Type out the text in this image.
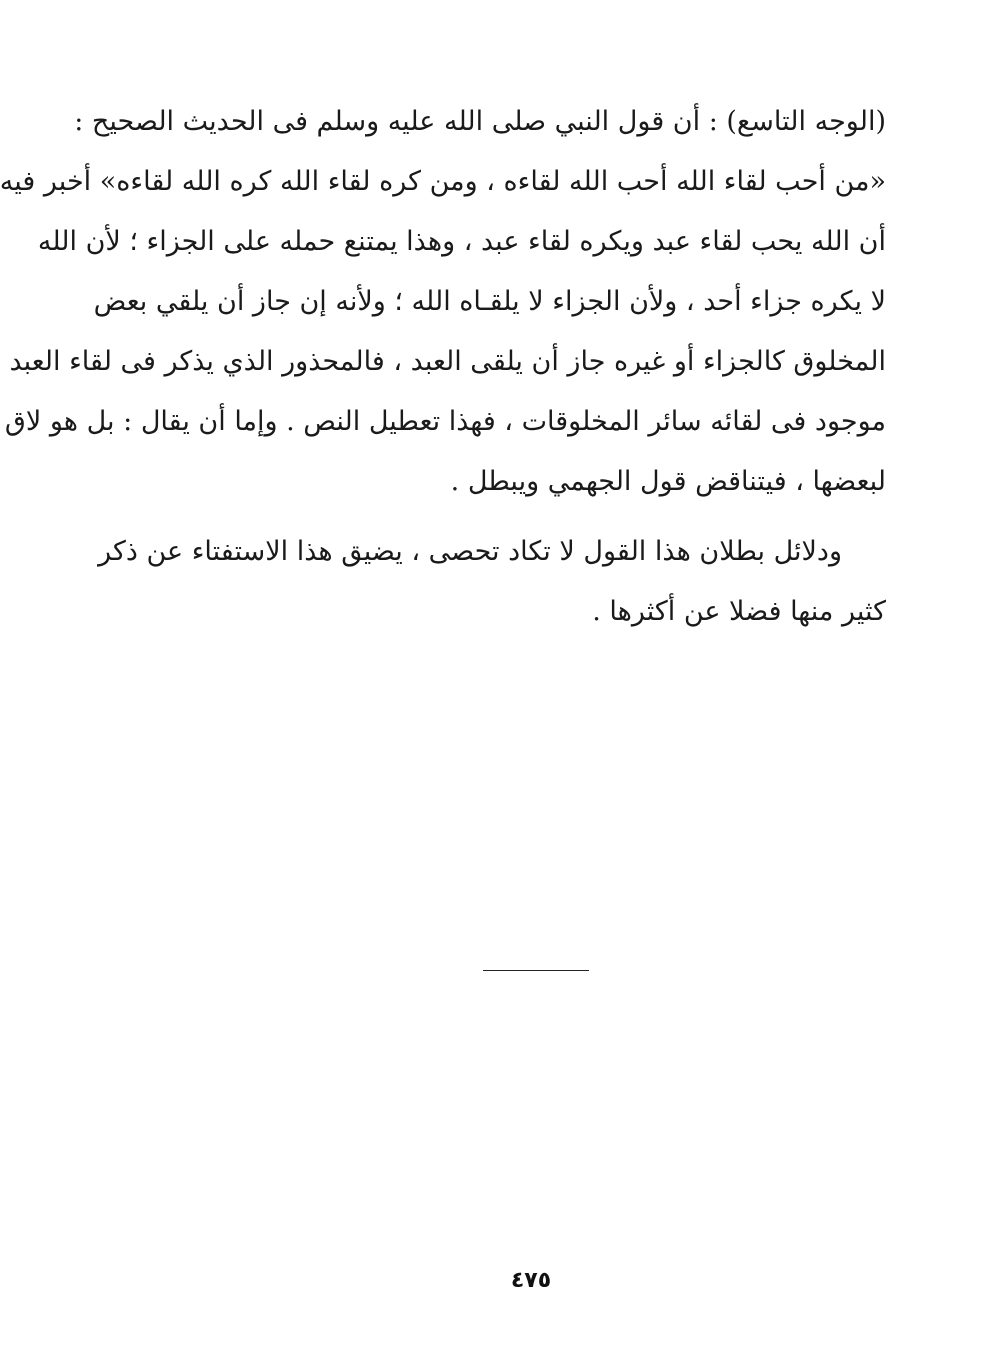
(الوجه التاسع) : أن قول النبي صلى الله عليه وسلم فى الحديث الصحيح :
«من أحب لقاء الله أحب الله لقاءه ، ومن كره لقاء الله كره الله لقاءه» أخبر فيه
أن الله يحب لقاء عبد ويكره لقاء عبد ، وهذا يمتنع حمله على الجزاء ؛ لأن الله
لا يكره جزاء أحد ، ولأن الجزاء لا يلقـاه الله ؛ ولأنه إن جاز أن يلقي بعض
المخلوق كالجزاء أو غيره جاز أن يلقى العبد ، فالمحذور الذي يذكر فى لقاء العبد
موجود فى لقائه سائر المخلوقات ، فهذا تعطيل النص . وإما أن يقال : بل هو لاق
لبعضها ، فيتناقض قول الجهمي ويبطل .
ودلائل بطلان هذا القول لا تكاد تحصى ، يضيق هذا الاستفتاء عن ذكر
كثير منها فضلا عن أكثرها .
٤٧٥
